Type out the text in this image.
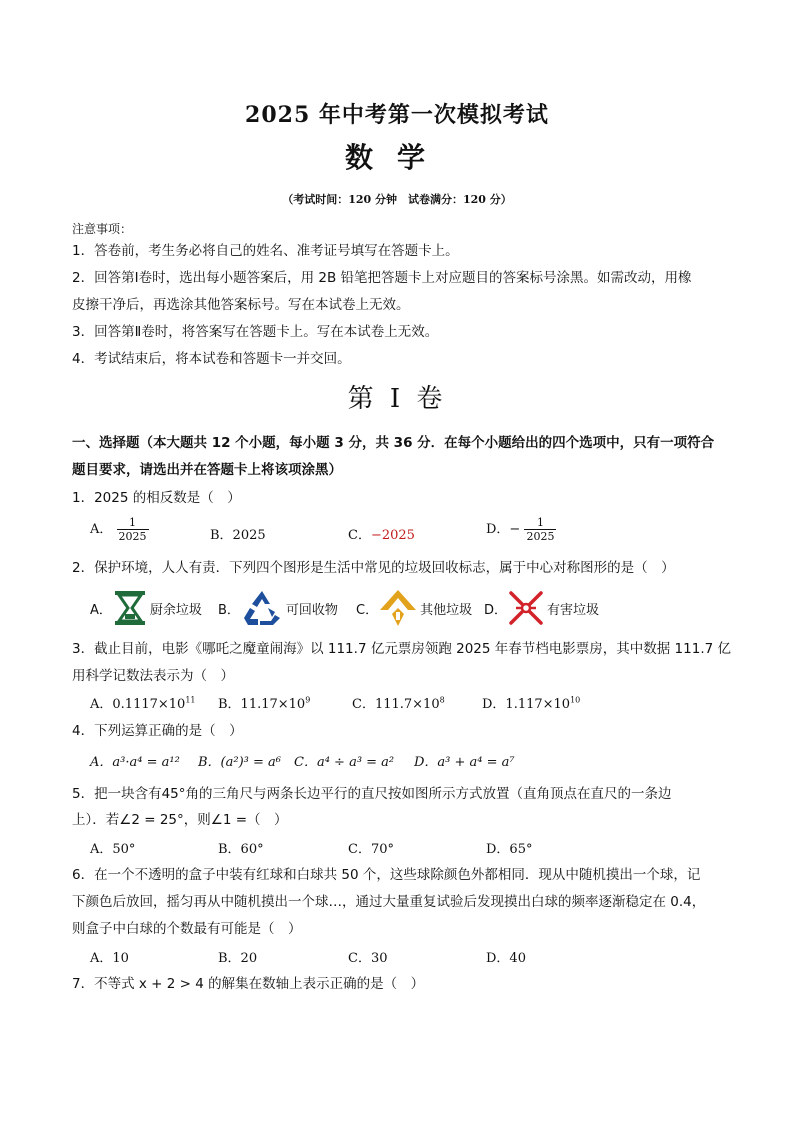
2025 年中考第一次模拟考试
数学
（考试时间：120 分钟　试卷满分：120 分）
注意事项：
1．答卷前，考生务必将自己的姓名、准考证号填写在答题卡上。
2．回答第Ⅰ卷时，选出每小题答案后，用 2B 铅笔把答题卡上对应题目的答案标号涂黑。如需改动，用橡
皮擦干净后，再选涂其他答案标号。写在本试卷上无效。
3．回答第Ⅱ卷时，将答案写在答题卡上。写在本试卷上无效。
4．考试结束后，将本试卷和答题卡一并交回。
第 I 卷
一、选择题（本大题共 12 个小题，每小题 3 分，共 36 分．在每个小题给出的四个选项中，只有一项符合
题目要求，请选出并在答题卡上将该项涂黑）
1．2025 的相反数是（　）
A． $\frac{1}{2025}$	B．2025	C．−2025	D．− $\frac{1}{2025}$
2．保护环境，人人有责．下列四个图形是生活中常见的垃圾回收标志，属于中心对称图形的是（　）
A．	厨余垃圾 B．	可回收物 C．	其他垃圾 D．	有害垃圾
3．截止目前，电影《哪吒之魔童闹海》以 111.7 亿元票房领跑 2025 年春节档电影票房，其中数据 111.7 亿
用科学记数法表示为（　）
A．$0.1117\times 10^{11}$ B．$11.17\times 10^9$	C．$111.7\times 10^8$	D．$1.117\times 10^{10}$
4．下列运算正确的是（　）
A．a³·a⁴ = a¹² B．(a²)³ = a⁶ C．a⁴ ÷ a³ = a² D．a³ + a⁴ = a⁷
5．把一块含有45°角的三角尺与两条长边平行的直尺按如图所示方式放置（直角顶点在直尺的一条边
上）．若∠2 = 25°，则∠1 =（　）
A．50°	B．60°	C．70°	D．65°
6．在一个不透明的盒子中装有红球和白球共 50 个，这些球除颜色外都相同．现从中随机摸出一个球，记
下颜色后放回，摇匀再从中随机摸出一个球…，通过大量重复试验后发现摸出白球的频率逐渐稳定在 0.4，
则盒子中白球的个数最有可能是（　）
A．10	B．20	C．30	D．40
7．不等式 x + 2 > 4 的解集在数轴上表示正确的是（　）
